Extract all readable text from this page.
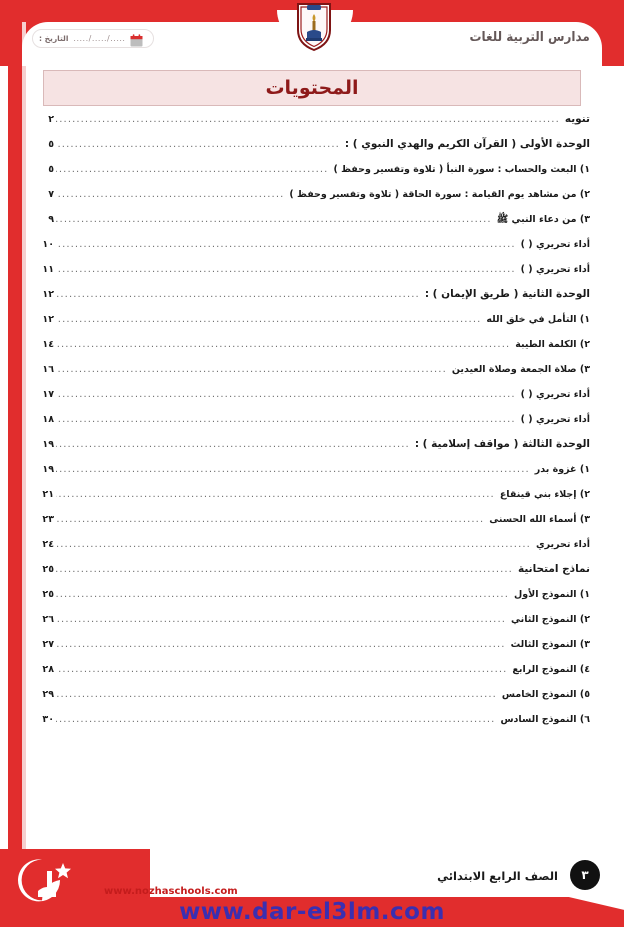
...../...../.....
التاريخ :	مدارس التربية للغات
المحتويات
تنويه
.....
٢
الوحدة الأولى ( القرآن الكريم والهدي النبوي ) :
.....
٥
١) البعث والحساب : سورة النبأ ( تلاوة وتفسير وحفظ )
.....
٥
٢) من مشاهد يوم القيامة : سورة الحاقة ( تلاوة وتفسير وحفظ )
.....
٧
٣) من دعاء النبي ﷺ
.....
٩
أداء تحريري ( )
.....
١٠
أداء تحريري ( )
.....
١١
الوحدة الثانية ( طريق الإيمان ) :
.....
١٢
١) التأمل في خلق الله
.....
١٢
٢) الكلمة الطيبة
.....
١٤
٣) صلاة الجمعة وصلاة العيدين
.....
١٦
أداء تحريري ( )
.....
١٧
أداء تحريري ( )
.....
١٨
الوحدة الثالثة ( مواقف إسلامية ) :
.....
١٩
١) غزوة بدر
.....
١٩
٢) إجلاء بني قينقاع
.....
٢١
٣) أسماء الله الحسنى
.....
٢٣
أداء تحريري
.....
٢٤
نماذج امتحانية
.....
٢٥
١) النموذج الأول
.....
٢٥
٢) النموذج الثاني
.....
٢٦
٣) النموذج الثالث
.....
٢٧
٤) النموذج الرابع
.....
٢٨
٥) النموذج الخامس
.....
٢٩
٦) النموذج السادس
.....
٣٠
www.nozhaschools.com
الصف الرابع الابتدائي	٣
www.dar-el3lm.com
